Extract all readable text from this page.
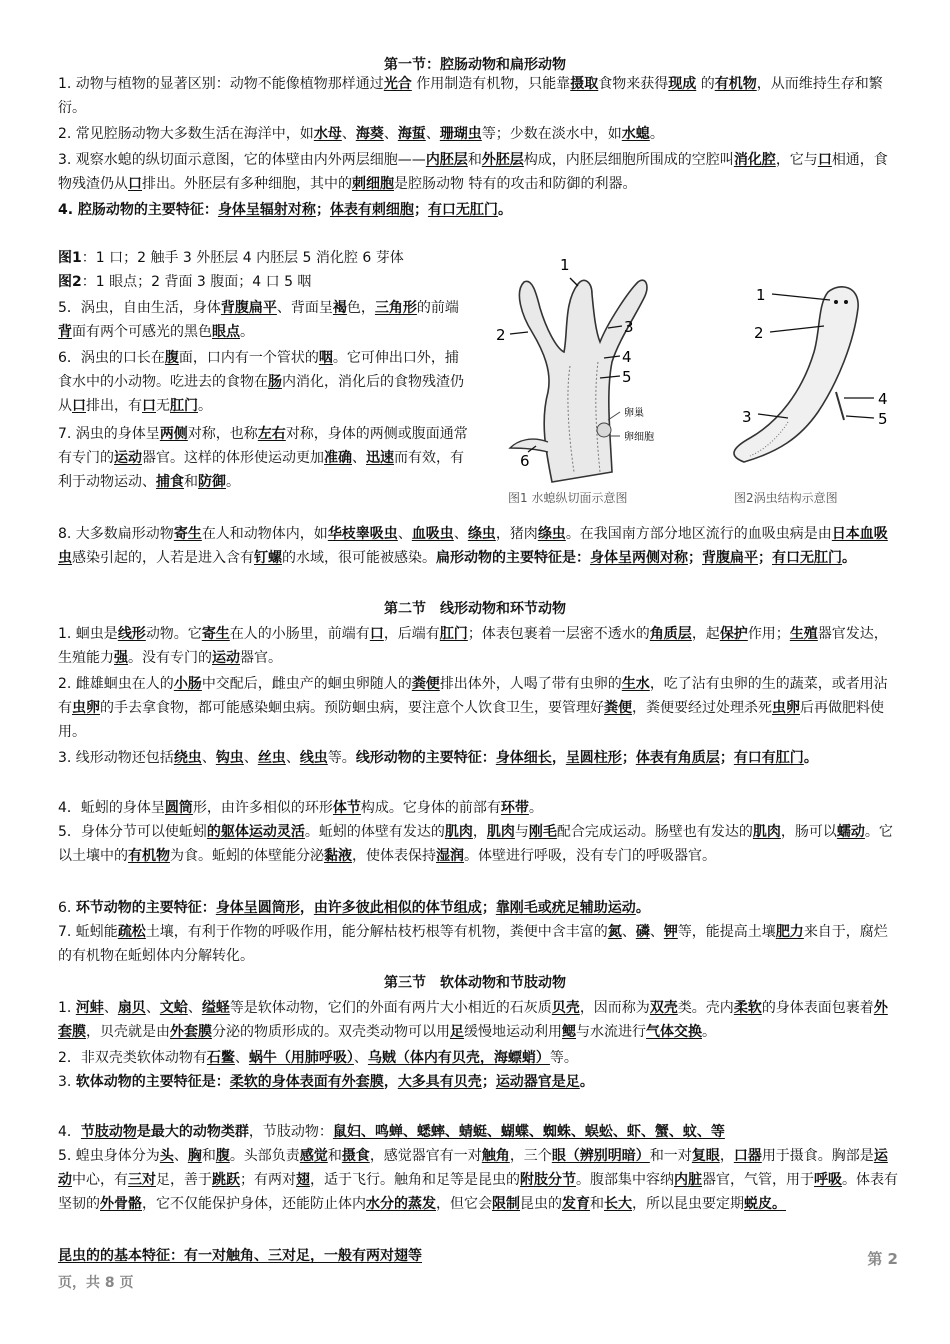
第一节：腔肠动物和扁形动物
1. 动物与植物的显著区别：动物不能像植物那样通过光合 作用制造有机物，只能靠摄取食物来获得现成 的有机物，从而维持生存和繁衍。
2. 常见腔肠动物大多数生活在海洋中，如水母、海葵、海蜇、珊瑚虫等；少数在淡水中，如水螅。
3. 观察水螅的纵切面示意图，它的体壁由内外两层细胞——内胚层和外胚层构成，内胚层细胞所围成的空腔叫消化腔，它与口相通，食物残渣仍从口排出。外胚层有多种细胞，其中的刺细胞是腔肠动物 特有的攻击和防御的利器。
4. 腔肠动物的主要特征：身体呈辐射对称；体表有刺细胞；有口无肛门。
图1：1 口；2 触手 3 外胚层 4 内胚层 5 消化腔 6 芽体
图2：1 眼点；2 背面 3 腹面；4 口 5 咽
5．涡虫，自由生活，身体背腹扁平、背面呈褐色，三角形的前端背面有两个可感光的黑色眼点。
6．涡虫的口长在腹面，口内有一个管状的咽。它可伸出口外，捕食水中的小动物。吃进去的食物在肠内消化，消化后的食物残渣仍从口排出，有口无肛门。
7. 涡虫的身体呈两侧对称，也称左右对称，身体的两侧或腹面通常有专门的运动器官。这样的体形使运动更加准确、迅速而有效，有利于动物运动、捕食和防御。
8. 大多数扁形动物寄生在人和动物体内，如华枝睾吸虫、血吸虫、绦虫，猪肉绦虫。在我国南方部分地区流行的血吸虫病是由日本血吸虫感染引起的，人若是进入含有钉螺的水域，很可能被感染。扁形动物的主要特征是：身体呈两侧对称；背腹扁平；有口无肛门。
1
2	3
4
5
6
卵巢
卵细胞
图1 水螅纵切面示意图
1
2
3
4
5
图2涡虫结构示意图
第二节　线形动物和环节动物
1. 蛔虫是线形动物。它寄生在人的小肠里，前端有口，后端有肛门；体表包裹着一层密不透水的角质层，起保护作用；生殖器官发达，生殖能力强。没有专门的运动器官。
2. 雌雄蛔虫在人的小肠中交配后，雌虫产的蛔虫卵随人的粪便排出体外，人喝了带有虫卵的生水，吃了沾有虫卵的生的蔬菜，或者用沾有虫卵的手去拿食物，都可能感染蛔虫病。预防蛔虫病，要注意个人饮食卫生，要管理好粪便，粪便要经过处理杀死虫卵后再做肥料使用。
3. 线形动物还包括绕虫、钩虫、丝虫、线虫等。线形动物的主要特征：身体细长，呈圆柱形；体表有角质层；有口有肛门。
4．蚯蚓的身体呈圆筒形，由许多相似的环形体节构成。它身体的前部有环带。
5．身体分节可以使蚯蚓的躯体运动灵活。蚯蚓的体壁有发达的肌肉，肌肉与刚毛配合完成运动。肠壁也有发达的肌肉，肠可以蠕动。它以土壤中的有机物为食。蚯蚓的体壁能分泌黏液，使体表保持湿润。体壁进行呼吸，没有专门的呼吸器官。
6. 环节动物的主要特征：身体呈圆筒形，由许多彼此相似的体节组成；靠刚毛或疣足辅助运动。
7. 蚯蚓能疏松土壤，有利于作物的呼吸作用，能分解枯枝朽根等有机物，粪便中含丰富的氮、磷、钾等，能提高土壤肥力来自于，腐烂的有机物在蚯蚓体内分解转化。
第三节　软体动物和节肢动物
1. 河蚌、扇贝、文蛤、缢蛏等是软体动物，它们的外面有两片大小相近的石灰质贝壳，因而称为双壳类。壳内柔软的身体表面包裹着外套膜，贝壳就是由外套膜分泌的物质形成的。双壳类动物可以用足缓慢地运动利用鳃与水流进行气体交换。
2．非双壳类软体动物有石鳖、蜗牛（用肺呼吸）、乌贼（体内有贝壳，海螵蛸）等。
3. 软体动物的主要特征是：柔软的身体表面有外套膜，大多具有贝壳；运动器官是足。
4．节肢动物是最大的动物类群，节肢动物：鼠妇、鸣蝉、蟋蟀、蜻蜓、蝴蝶、蜘蛛、蜈蚣、虾、蟹、蚊、等
5. 蝗虫身体分为头、胸和腹。头部负责感觉和摄食，感觉器官有一对触角，三个眼（辨别明暗）和一对复眼，口器用于摄食。胸部是运动中心，有三对足，善于跳跃；有两对翅，适于飞行。触角和足等是昆虫的附肢分节。腹部集中容纳内脏器官，气管，用于呼吸。体表有坚韧的外骨骼，它不仅能保护身体，还能防止体内水分的蒸发，但它会限制昆虫的发育和长大，所以昆虫要定期蜕皮。
昆虫的的基本特征：有一对触角、三对足，一般有两对翅等	第 2
页，共 8 页
